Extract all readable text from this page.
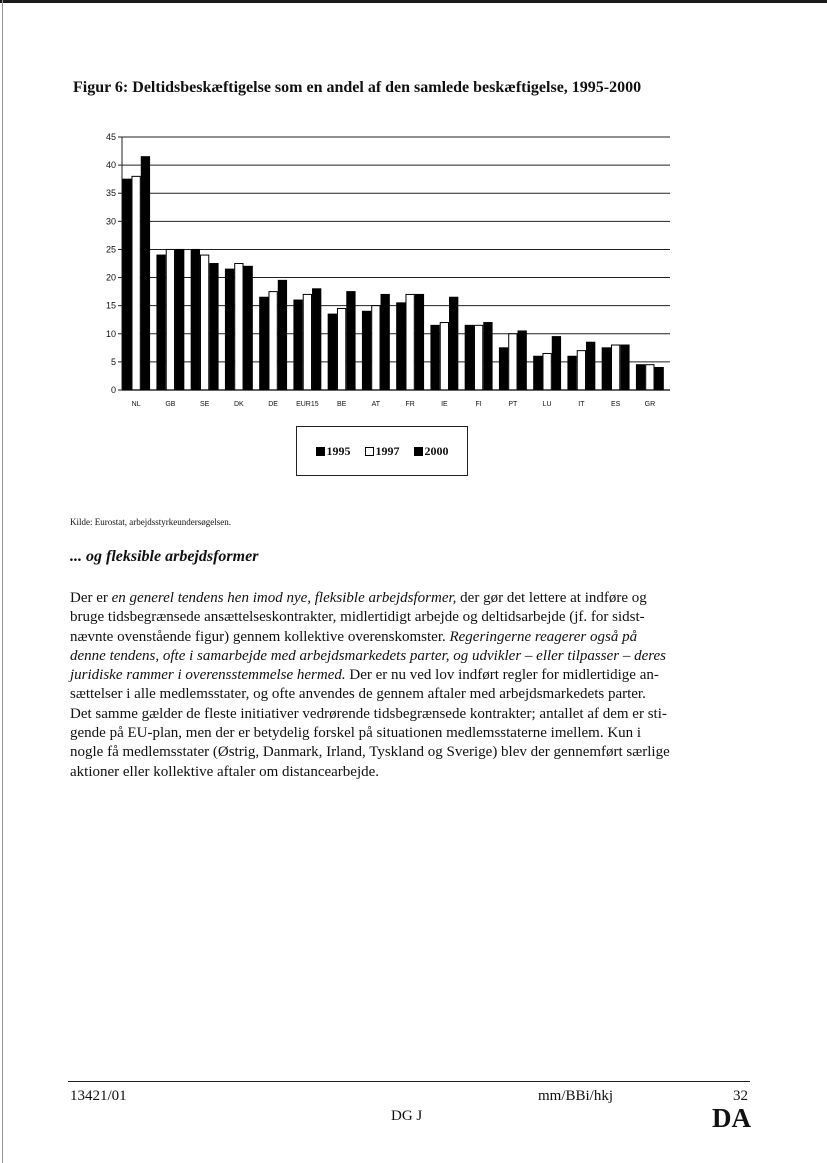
Figur 6: Deltidsbeskæftigelse som en andel af den samlede beskæftigelse, 1995-2000
0
5
10
15
20
25
30
35
40
45
NL	GB	SE	DK	DE	EUR15	BE	AT	FR	IE	FI	PT	LU	IT	ES	GR
1995 1997 2000
Kilde: Eurostat, arbejdsstyrkeundersøgelsen.
... og fleksible arbejdsformer

Der er en generel tendens hen imod nye, fleksible arbejdsformer, der gør det lettere at indføre og

bruge tidsbegrænsede ansættelseskontrakter, midlertidigt arbejde og deltidsarbejde (jf. for sidst-

nævnte ovenstående figur) gennem kollektive overenskomster. Regeringerne reagerer også på

denne tendens, ofte i samarbejde med arbejdsmarkedets parter, og udvikler – eller tilpasser – deres

juridiske rammer i overensstemmelse hermed. Der er nu ved lov indført regler for midlertidige an-

sættelser i alle medlemsstater, og ofte anvendes de gennem aftaler med arbejdsmarkedets parter.

Det samme gælder de fleste initiativer vedrørende tidsbegrænsede kontrakter; antallet af dem er sti-

gende på EU-plan, men der er betydelig forskel på situationen medlemsstaterne imellem. Kun i

nogle få medlemsstater (Østrig, Danmark, Irland, Tyskland og Sverige) blev der gennemført særlige

aktioner eller kollektive aftaler om distancearbejde.

13421/01
DG J
mm/BBi/hkj	32
DA
